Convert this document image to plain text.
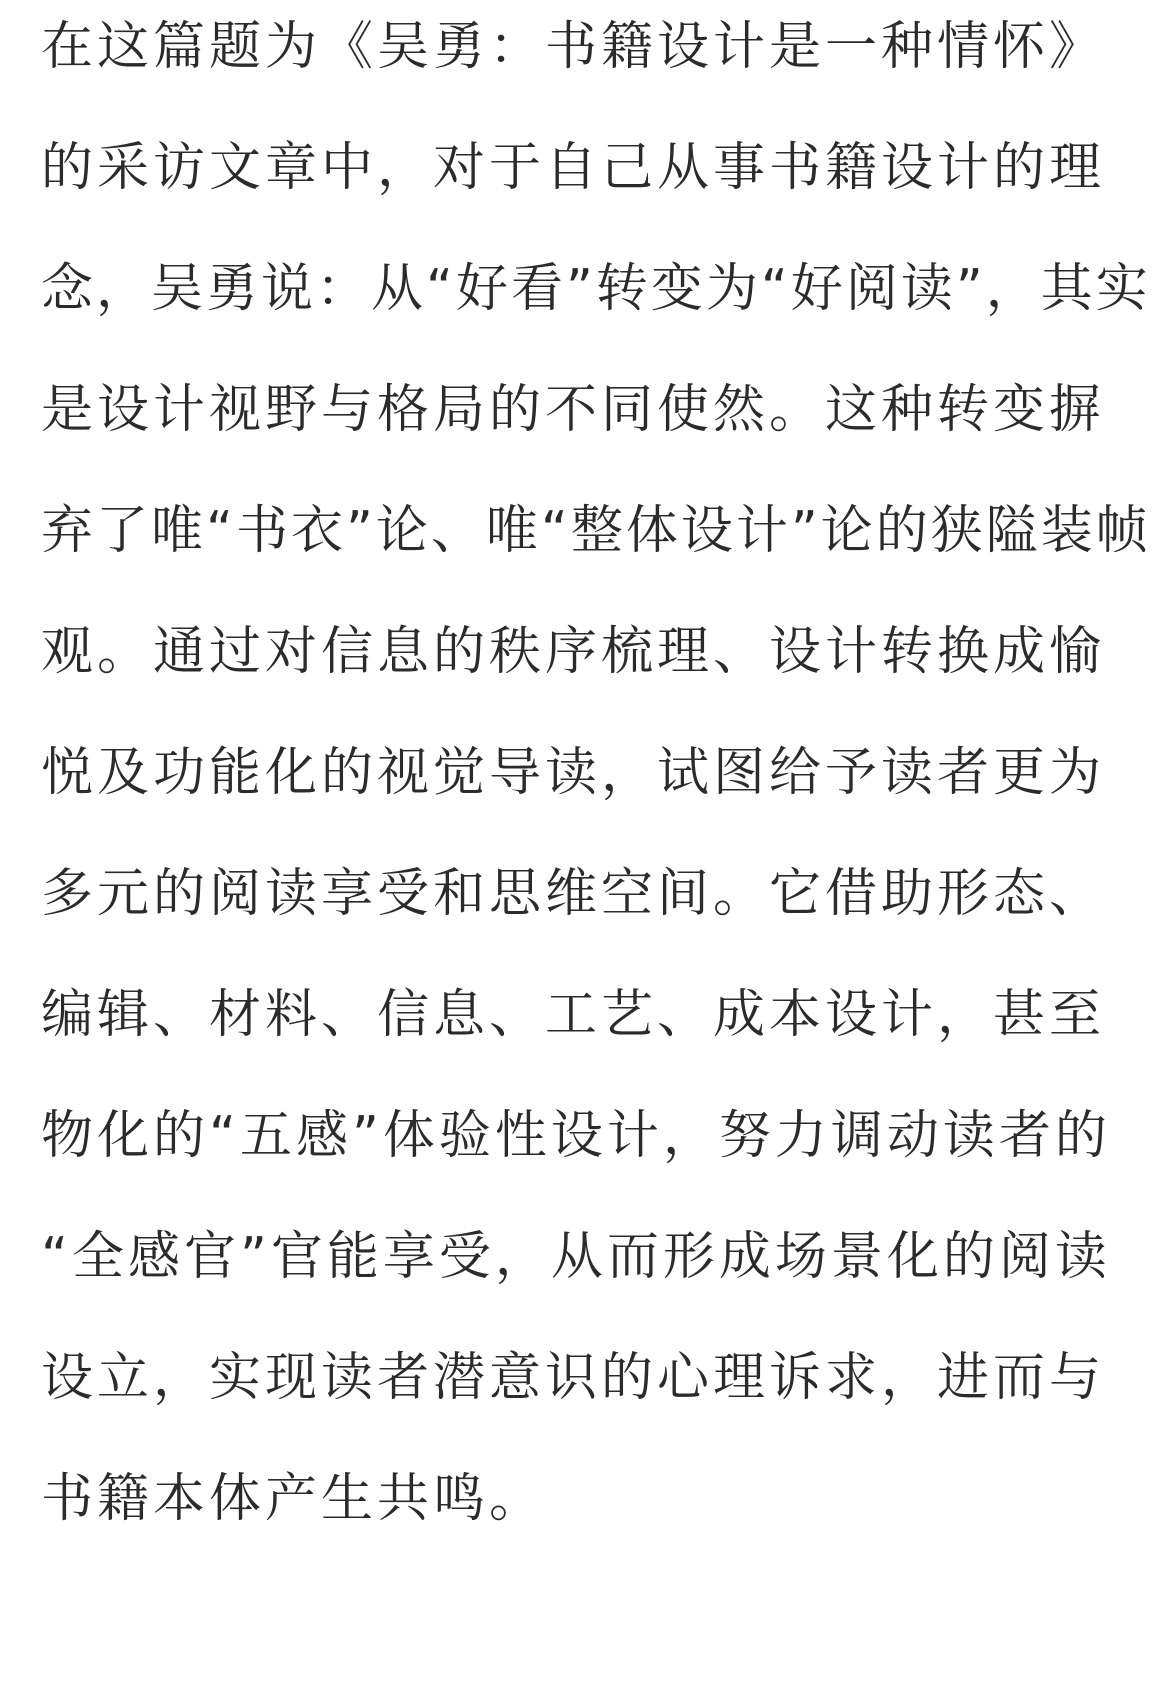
在这篇题为《吴勇：书籍设计是一种情怀》
的采访文章中，对于自己从事书籍设计的理
念，吴勇说：从“好看”转变为“好阅读”，其实
是设计视野与格局的不同使然。这种转变摒
弃了唯“书衣”论、唯“整体设计”论的狭隘装帧
观。通过对信息的秩序梳理、设计转换成愉
悦及功能化的视觉导读，试图给予读者更为
多元的阅读享受和思维空间。它借助形态、
编辑、材料、信息、工艺、成本设计，甚至
物化的“五感”体验性设计，努力调动读者的
“全感官”官能享受，从而形成场景化的阅读
设立，实现读者潜意识的心理诉求，进而与
书籍本体产生共鸣。
